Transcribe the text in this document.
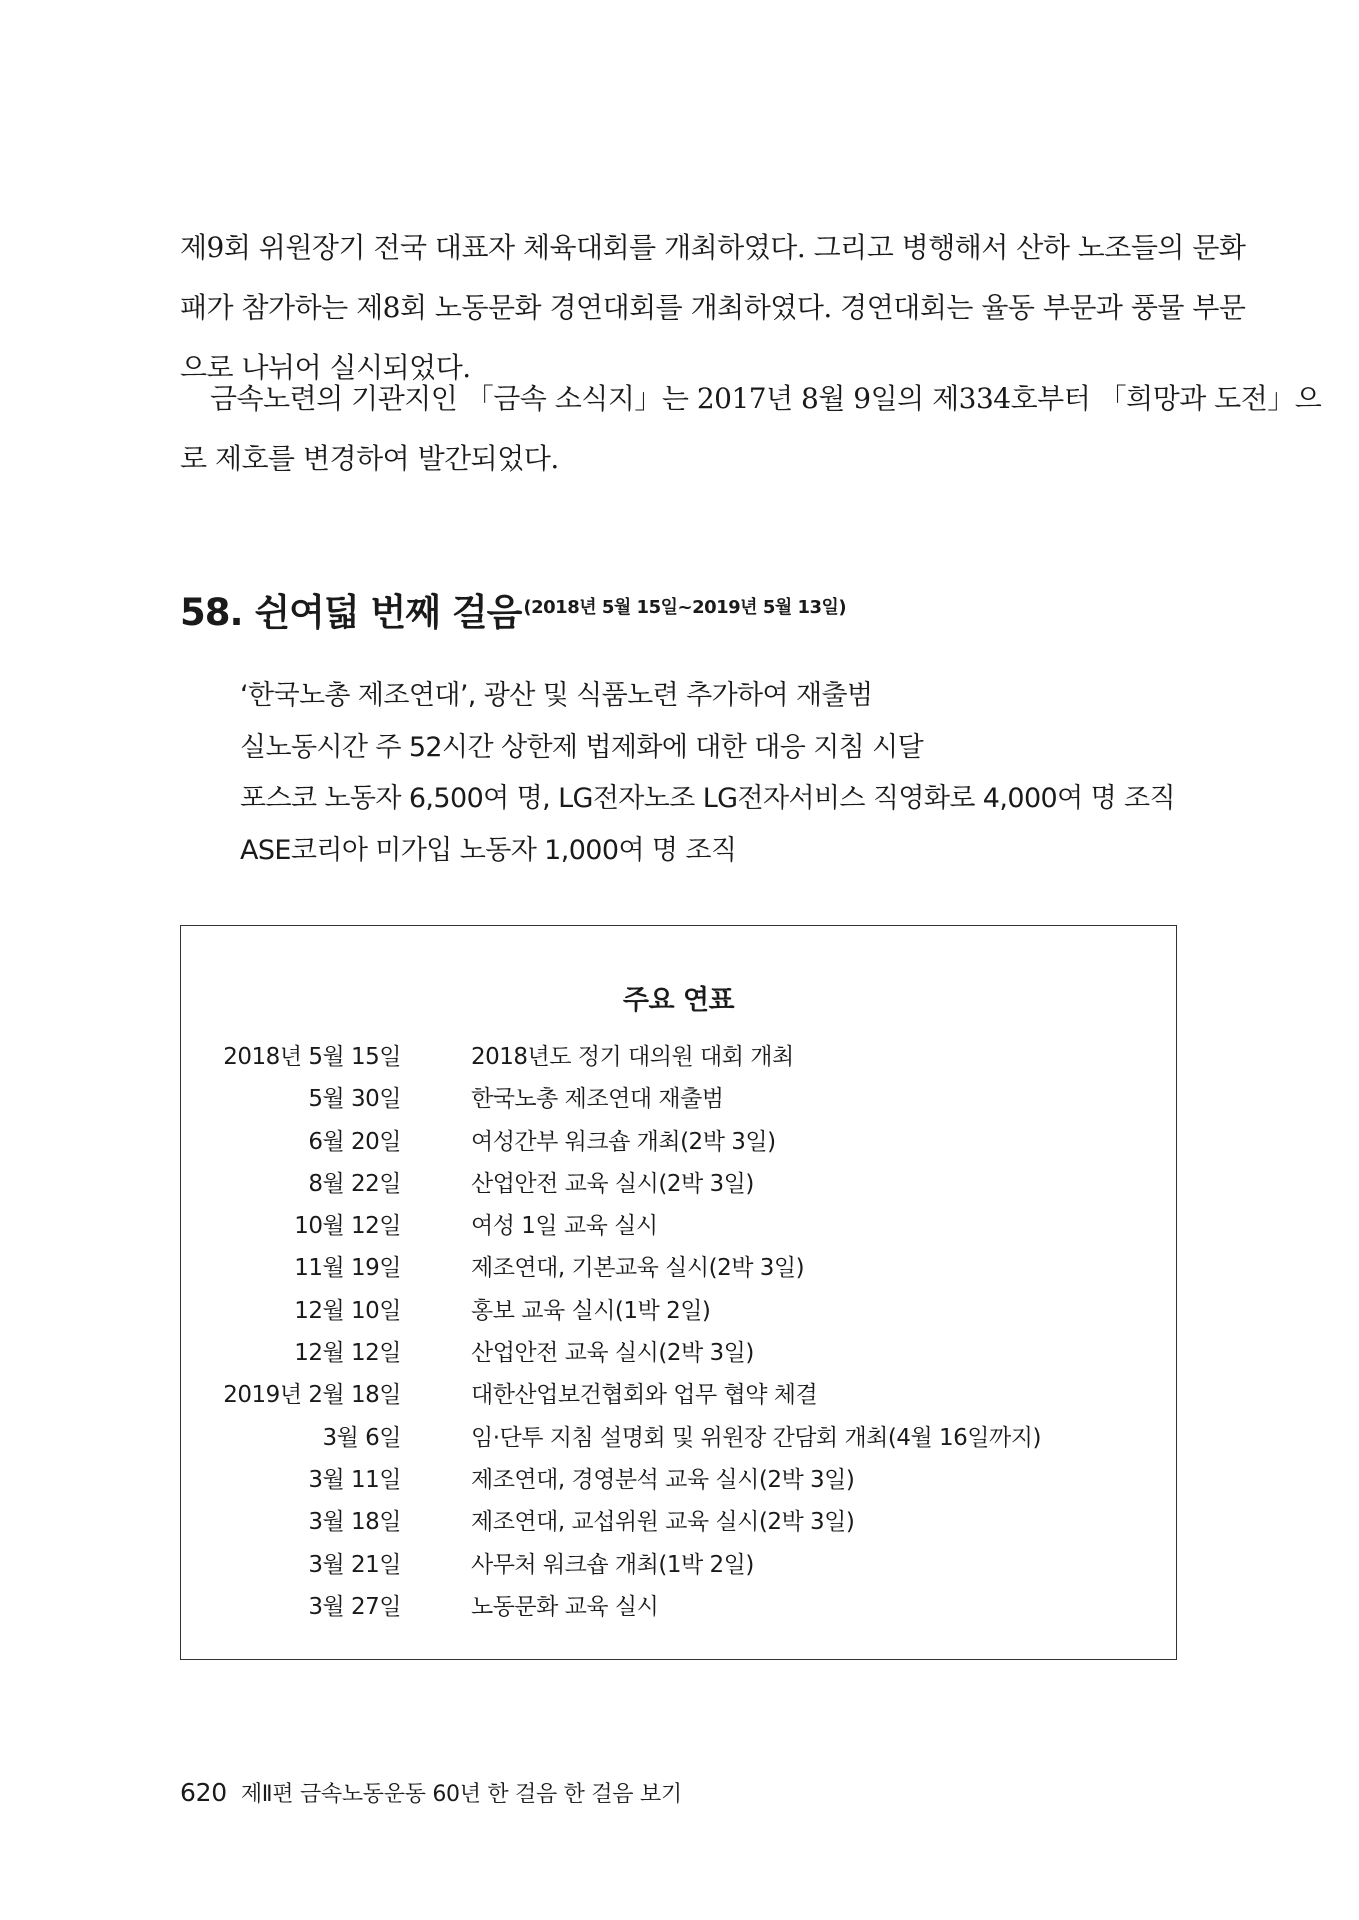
제9회 위원장기 전국 대표자 체육대회를 개최하였다. 그리고 병행해서 산하 노조들의 문화
패가 참가하는 제8회 노동문화 경연대회를 개최하였다. 경연대회는 율동 부문과 풍물 부문
으로 나뉘어 실시되었다.
금속노련의 기관지인 「금속 소식지」는 2017년 8월 9일의 제334호부터 「희망과 도전」으
로 제호를 변경하여 발간되었다.
58. 쉰여덟 번째 걸음 (2018년 5월 15일~2019년 5월 13일)
‘한국노총 제조연대’, 광산 및 식품노련 추가하여 재출범
실노동시간 주 52시간 상한제 법제화에 대한 대응 지침 시달
포스코 노동자 6,500여 명, LG전자노조 LG전자서비스 직영화로 4,000여 명 조직
ASE코리아 미가입 노동자 1,000여 명 조직
주요 연표
2018년 5월 15일	2018년도 정기 대의원 대회 개최
5월 30일	한국노총 제조연대 재출범
6월 20일	여성간부 워크숍 개최(2박 3일)
8월 22일	산업안전 교육 실시(2박 3일)
10월 12일	여성 1일 교육 실시
11월 19일	제조연대, 기본교육 실시(2박 3일)
12월 10일	홍보 교육 실시(1박 2일)
12월 12일	산업안전 교육 실시(2박 3일)
2019년 2월 18일	대한산업보건협회와 업무 협약 체결
3월 6일	임·단투 지침 설명회 및 위원장 간담회 개최(4월 16일까지)
3월 11일	제조연대, 경영분석 교육 실시(2박 3일)
3월 18일	제조연대, 교섭위원 교육 실시(2박 3일)
3월 21일	사무처 워크숍 개최(1박 2일)
3월 27일	노동문화 교육 실시
620 제Ⅱ편 금속노동운동 60년 한 걸음 한 걸음 보기
